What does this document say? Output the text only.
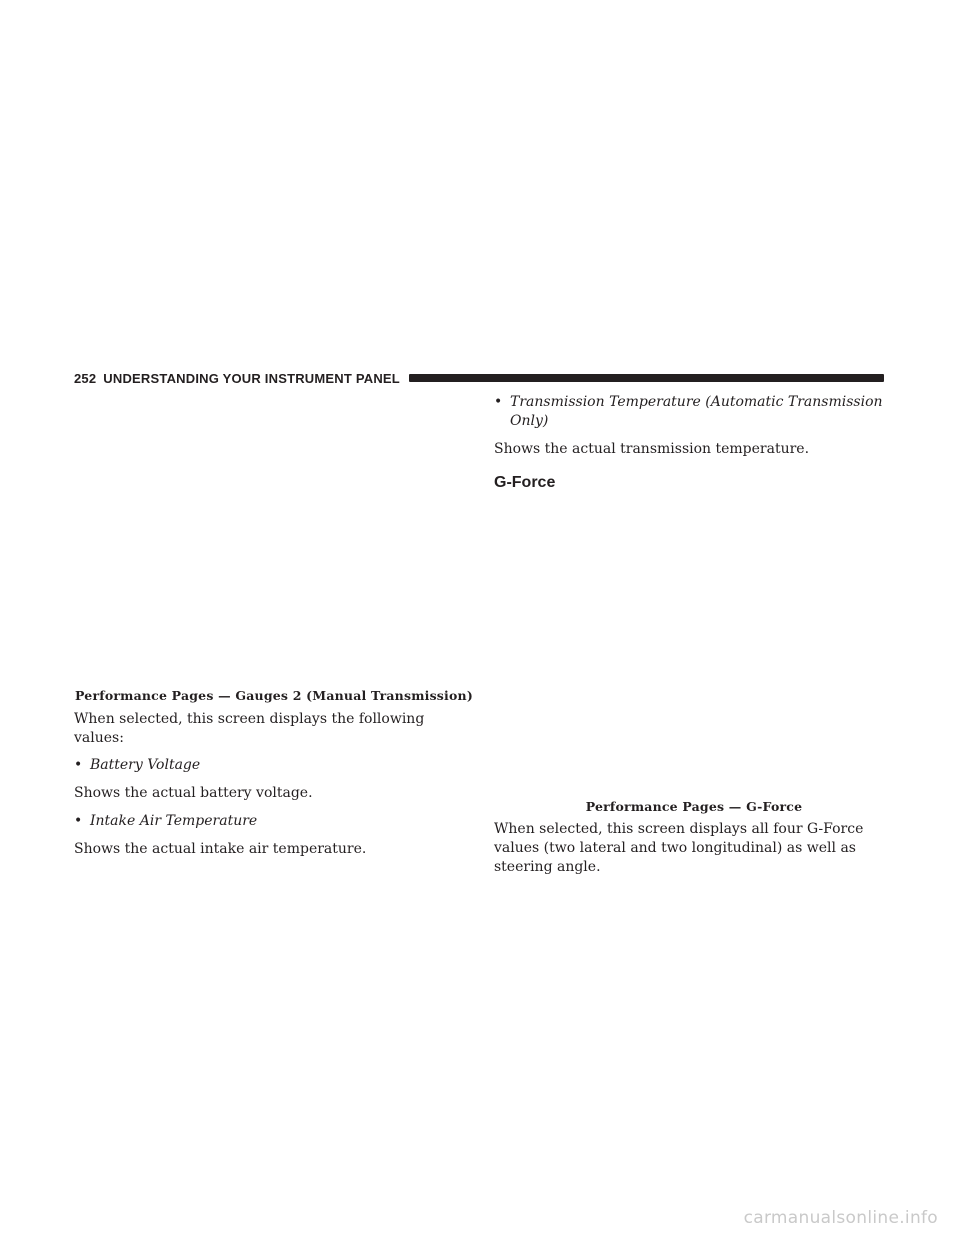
252 UNDERSTANDING YOUR INSTRUMENT PANEL

Performance Pages — Gauges 2 (Manual Transmission)

When selected, this screen displays the following values:

• Battery Voltage

Shows the actual battery voltage.

• Intake Air Temperature

Shows the actual intake air temperature.

• Transmission Temperature (Automatic Transmission Only)

Shows the actual transmission temperature.

G-Force

Performance Pages — G-Force

When selected, this screen displays all four G-Force values (two lateral and two longitudinal) as well as steering angle.

carmanualsonline.info
